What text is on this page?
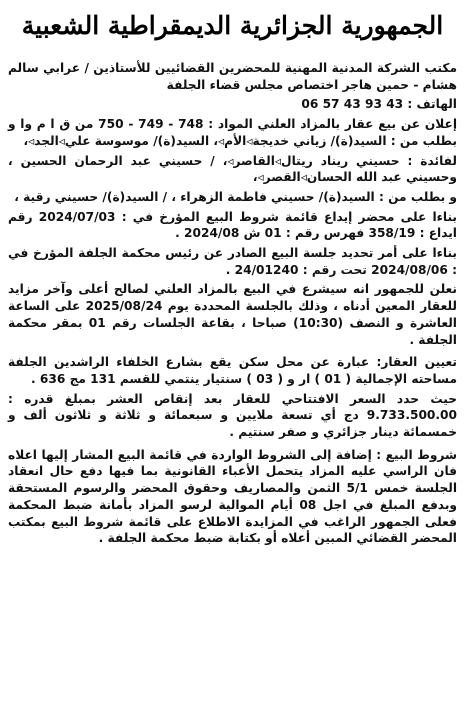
الجمهورية الجزائرية الديمقراطية الشعبية

مكتب الشركة المدنية المهنية للمحضرين القضائيين للأستاذين / عرابي سالم هشام - حمين هاجر اختصاص مجلس قضاء الجلفة

الهاتف : 06 57 43 93 43

إعلان عن بيع عقار بالمزاد العلني المواد : 748 - 749 - 750 من ق ا م وا و بطلب من : السيد(ة)/ زياني خديجة◃الأم◃، السيد(ة)/ موسوسة علي◃الجد◃،

لفائدة : حسيني ريناد ريتال◃القاصر◃، / حسيني عبد الرحمان الحسين ، وحسيني عبد الله الحسان◃القصر◃،

و بطلب من : السيد(ة)/ حسيني فاطمة الزهراء ، / السيد(ة)/ حسيني رقية ،

بناءا على محضر إيداع قائمة شروط البيع المؤرخ في : 2024/07/03 رقم ايداع : 358/19 فهرس رقم : 01 ش 2024/08 .

بناءا على أمر تحديد جلسة البيع الصادر عن رئيس محكمة الجلفة المؤرخ في : 2024/08/06 تحت رقم : 24/01240 .

نعلن للجمهور انه سيشرع في البيع بالمزاد العلني لصالح أعلى وآخر مزايد للعقار المعين أدناه ، وذلك بالجلسة المحددة يوم 2025/08/24 على الساعة العاشرة و النصف (10:30) صباحا ، بقاعة الجلسات رقم 01 بمقر محكمة الجلفة .

تعيين العقار: عبارة عن محل سكن يقع بشارع الخلفاء الراشدين الجلفة مساحته الإجمالية ( 01 ) ار و ( 03 ) سنتيار ينتمي للقسم 131 مج 636 .

حيث حدد السعر الافتتاحي للعقار بعد إنقاص العشر بمبلغ قدره : 9.733.500.00 دج أي تسعة ملايين و سبعمائة و ثلاثة و ثلاثون ألف و خمسمائة دينار جزائري و صفر سنتيم .

شروط البيع : إضافة إلى الشروط الواردة في قائمة البيع المشار إليها اعلاه فان الراسي عليه المزاد يتحمل الأعباء القانونية بما فيها دفع حال انعقاد الجلسة خمس 5/1 الثمن والمصاريف وحقوق المحضر والرسوم المستحقة وبدفع المبلغ في اجل 08 أيام الموالية لرسو المزاد بأمانة ضبط المحكمة فعلى الجمهور الراغب في المزايدة الاطلاع على قائمة شروط البيع بمكتب المحضر القضائي المبين أعلاه أو بكتابة ضبط محكمة الجلفة .
